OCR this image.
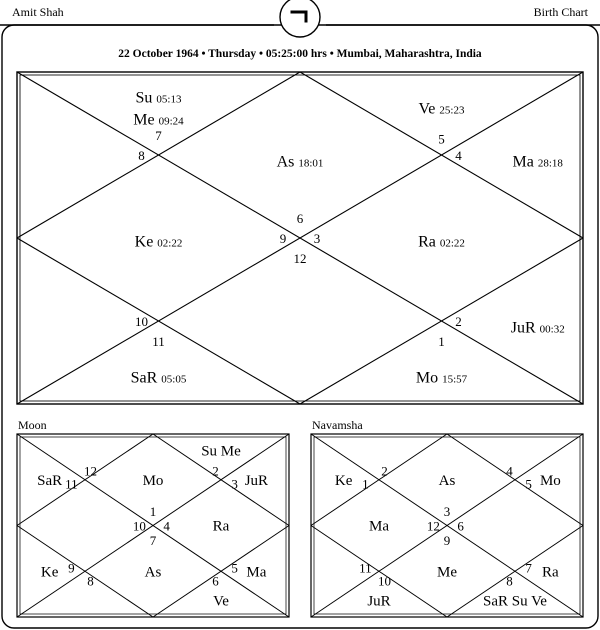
Amit Shah	Birth Chart
22 October 1964 • Thursday • 05:25:00 hrs • Mumbai, Maharashtra, India
As 18:01
Ve 25:23
Ma 28:18
Ra 02:22
JuR 00:32
Mo 15:57
SaR 05:05
Ke 02:22
Su 05:13
Me 09:24
6
5
4
3
2
1
12
11
10
9
8
7
Moon	Navamsha
Mo
SaR
Ke	As
Ve
Ma
Ra
JuR
Su Me
1
12
11
10
9
8
7
6
5
4
3
2
As
Ke
Ma
JuR
Me
SaR Su Ve
Ra
Mo
3
2
1
12
11
10
9
8
7
6
5
4
